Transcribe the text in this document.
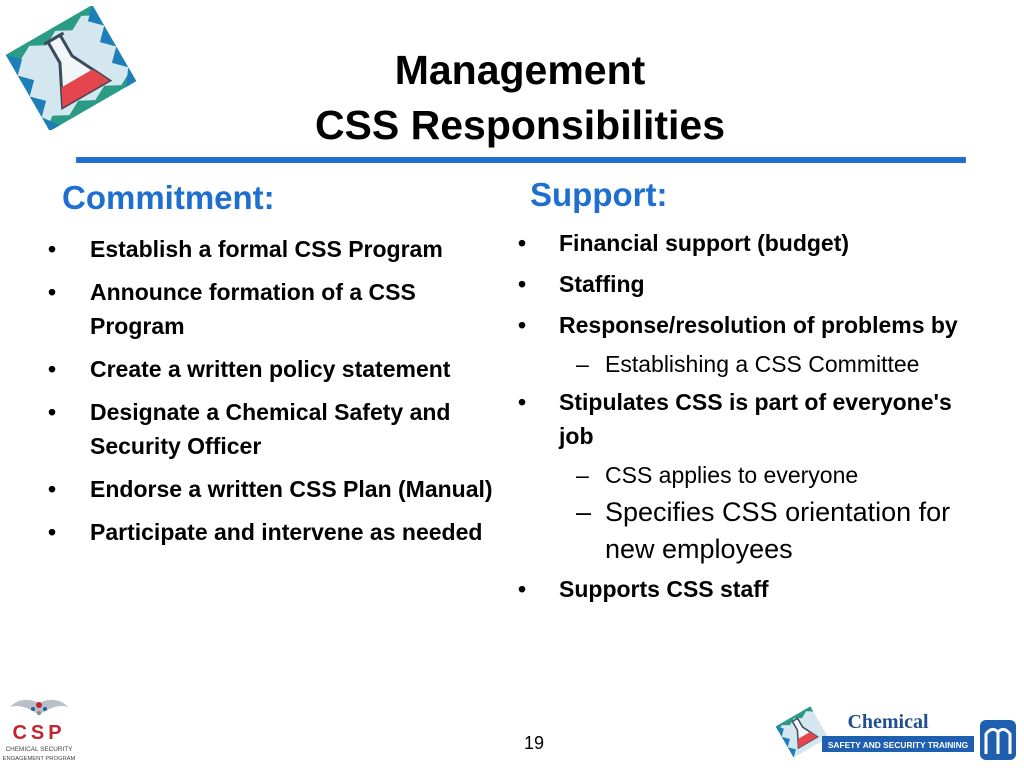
Management
CSS Responsibilities
Commitment:	Support:
•	Establish a formal CSS Program
•	Announce formation of a CSS Program
•	Create a written policy statement
•	Designate a Chemical Safety and Security Officer
•	Endorse a written CSS Plan (Manual)
•	Participate and intervene as needed
•	Financial support (budget)
•	Staffing
•	Response/resolution of problems by
– Establishing a CSS Committee
•	Stipulates CSS is part of everyone's job
– CSS applies to everyone
– Specifies CSS orientation for new employees
•	Supports CSS staff
19
CSP
CHEMICAL SECURITY
ENGAGEMENT PROGRAM
Chemical
SAFETY AND SECURITY TRAINING
